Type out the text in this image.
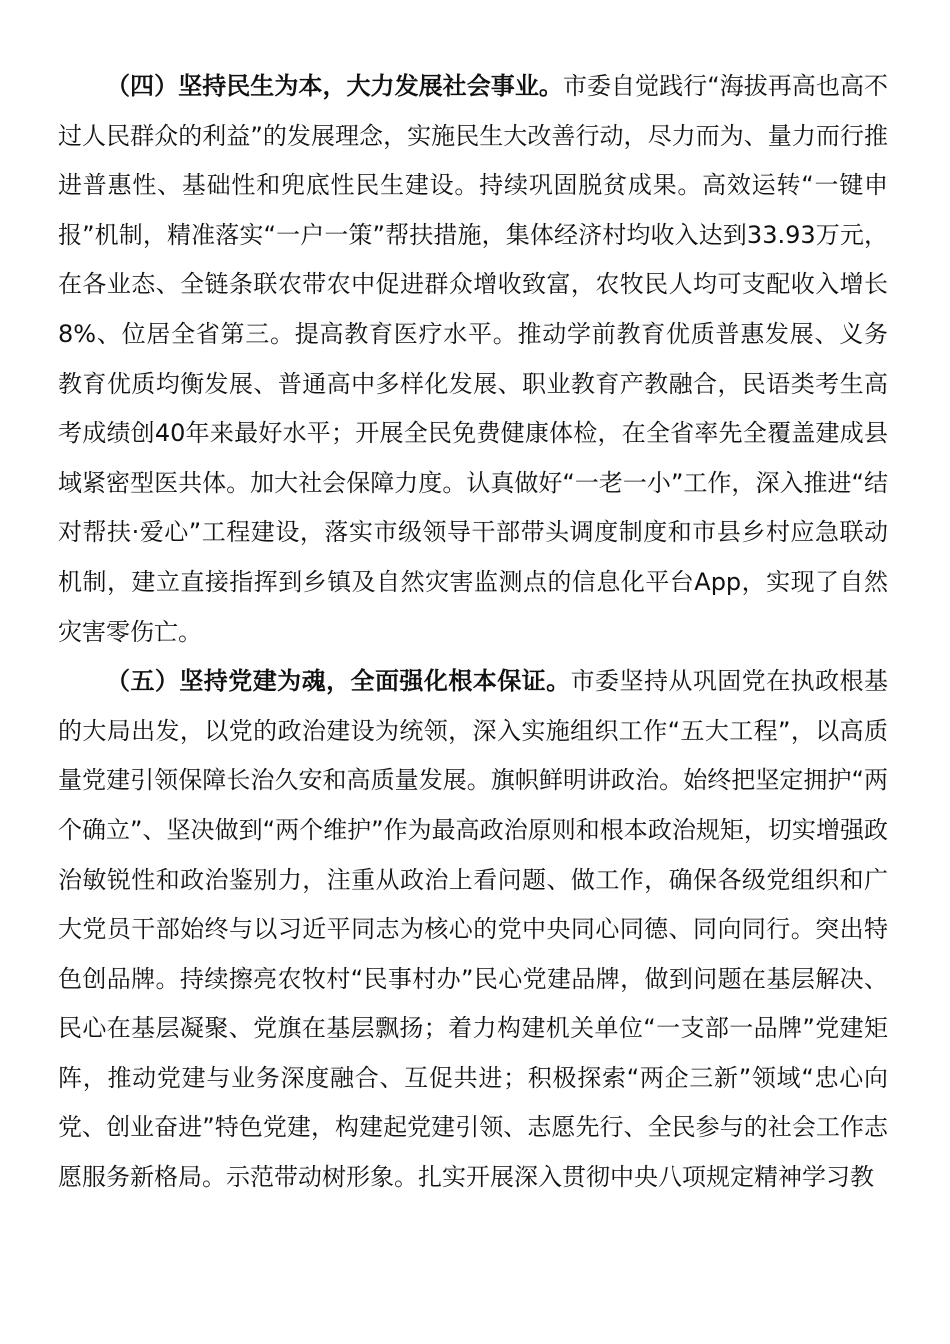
（四）坚持民生为本，大力发展社会事业。市委自觉践行“海拔再高也高不过人民群众的利益”的发展理念，实施民生大改善行动，尽力而为、量力而行推进普惠性、基础性和兜底性民生建设。持续巩固脱贫成果。高效运转“一键申报”机制，精准落实“一户一策”帮扶措施，集体经济村均收入达到33.93万元，在各业态、全链条联农带农中促进群众增收致富，农牧民人均可支配收入增长8%、位居全省第三。提高教育医疗水平。推动学前教育优质普惠发展、义务教育优质均衡发展、普通高中多样化发展、职业教育产教融合，民语类考生高考成绩创40年来最好水平；开展全民免费健康体检，在全省率先全覆盖建成县域紧密型医共体。加大社会保障力度。认真做好“一老一小”工作，深入推进“结对帮扶·爱心”工程建设，落实市级领导干部带头调度制度和市县乡村应急联动机制，建立直接指挥到乡镇及自然灾害监测点的信息化平台App，实现了自然灾害零伤亡。

（五）坚持党建为魂，全面强化根本保证。市委坚持从巩固党在执政根基的大局出发，以党的政治建设为统领，深入实施组织工作“五大工程”，以高质量党建引领保障长治久安和高质量发展。旗帜鲜明讲政治。始终把坚定拥护“两个确立”、坚决做到“两个维护”作为最高政治原则和根本政治规矩，切实增强政治敏锐性和政治鉴别力，注重从政治上看问题、做工作，确保各级党组织和广大党员干部始终与以习近平同志为核心的党中央同心同德、同向同行。突出特色创品牌。持续擦亮农牧村“民事村办”民心党建品牌，做到问题在基层解决、民心在基层凝聚、党旗在基层飘扬；着力构建机关单位“一支部一品牌”党建矩阵，推动党建与业务深度融合、互促共进；积极探索“两企三新”领域“忠心向党、创业奋进”特色党建，构建起党建引领、志愿先行、全民参与的社会工作志愿服务新格局。示范带动树形象。扎实开展深入贯彻中央八项规定精神学习教
